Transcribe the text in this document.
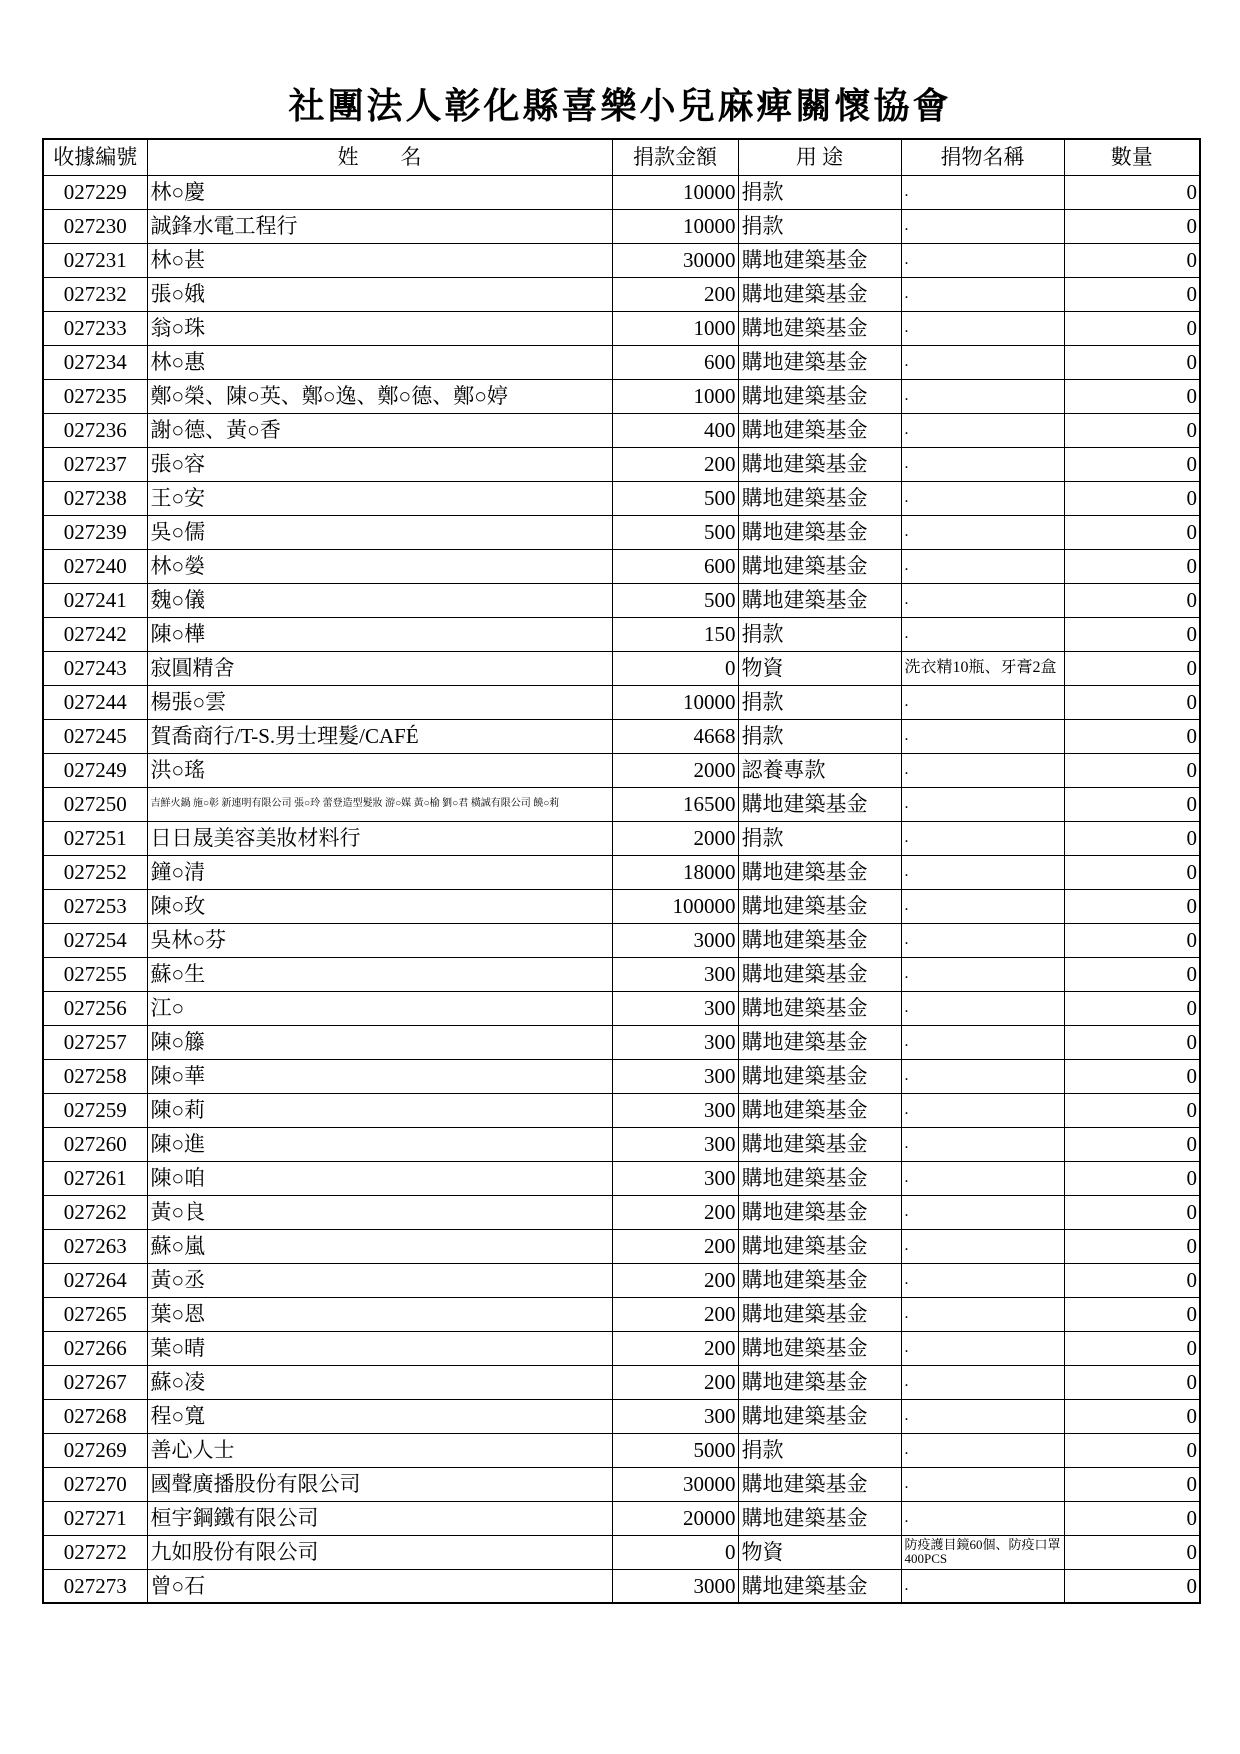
社團法人彰化縣喜樂小兒麻痺關懷協會
收據編號	姓　　名	捐款金額	用 途	捐物名稱	數量
027229	林○慶	10000	捐款	.	0
027230	誠鋒水電工程行	10000	捐款	.	0
027231	林○甚	30000	購地建築基金	.	0
027232	張○娥	200	購地建築基金	.	0
027233	翁○珠	1000	購地建築基金	.	0
027234	林○惠	600	購地建築基金	.	0
027235	鄭○榮、陳○英、鄭○逸、鄭○德、鄭○婷	1000	購地建築基金	.	0
027236	謝○德、黃○香	400	購地建築基金	.	0
027237	張○容	200	購地建築基金	.	0
027238	王○安	500	購地建築基金	.	0
027239	吳○儒	500	購地建築基金	.	0
027240	林○嫈	600	購地建築基金	.	0
027241	魏○儀	500	購地建築基金	.	0
027242	陳○樺	150	捐款	.	0
027243	寂圓精舍	0	物資	洗衣精10瓶、牙膏2盒	0
027244	楊張○雲	10000	捐款	.	0
027245	賀喬商行/T-S.男士理髮/CAFÉ	4668	捐款	.	0
027249	洪○瑤	2000	認養專款	.	0
027250	吉鮮火鍋 施○彰 新連明有限公司 張○玲 蕾登造型髮妝 游○媒 黃○榆 劉○君 橫誠有限公司 饒○莉	16500	購地建築基金	.	0
027251	日日晟美容美妝材料行	2000	捐款	.	0
027252	鐘○清	18000	購地建築基金	.	0
027253	陳○玫	100000	購地建築基金	.	0
027254	吳林○芬	3000	購地建築基金	.	0
027255	蘇○生	300	購地建築基金	.	0
027256	江○	300	購地建築基金	.	0
027257	陳○籐	300	購地建築基金	.	0
027258	陳○華	300	購地建築基金	.	0
027259	陳○莉	300	購地建築基金	.	0
027260	陳○進	300	購地建築基金	.	0
027261	陳○咱	300	購地建築基金	.	0
027262	黃○良	200	購地建築基金	.	0
027263	蘇○嵐	200	購地建築基金	.	0
027264	黃○丞	200	購地建築基金	.	0
027265	葉○恩	200	購地建築基金	.	0
027266	葉○晴	200	購地建築基金	.	0
027267	蘇○凌	200	購地建築基金	.	0
027268	程○寬	300	購地建築基金	.	0
027269	善心人士	5000	捐款	.	0
027270	國聲廣播股份有限公司	30000	購地建築基金	.	0
027271	桓宇鋼鐵有限公司	20000	購地建築基金	.	0
027272	九如股份有限公司	0	物資	防疫護目鏡60個、防疫口罩400PCS	0
027273	曾○石	3000	購地建築基金	.	0
